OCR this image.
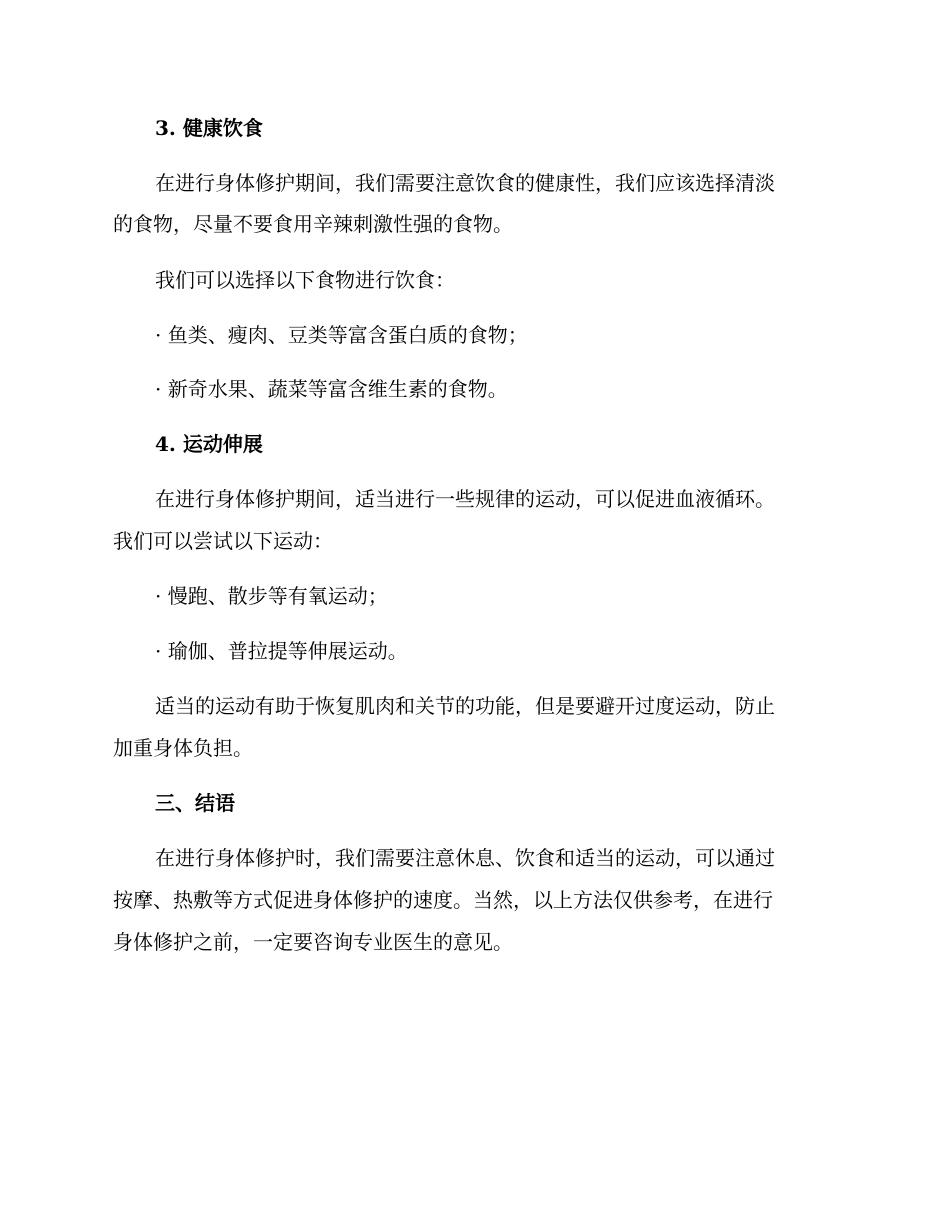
3. 健康饮食
在进行身体修护期间，我们需要注意饮食的健康性，我们应该选择清淡
的食物，尽量不要食用辛辣刺激性强的食物。
我们可以选择以下食物进行饮食：
· 鱼类、瘦肉、豆类等富含蛋白质的食物；
· 新奇水果、蔬菜等富含维生素的食物。
4. 运动伸展
在进行身体修护期间，适当进行一些规律的运动，可以促进血液循环。
我们可以尝试以下运动：
· 慢跑、散步等有氧运动；
· 瑜伽、普拉提等伸展运动。
适当的运动有助于恢复肌肉和关节的功能，但是要避开过度运动，防止
加重身体负担。
三、结语
在进行身体修护时，我们需要注意休息、饮食和适当的运动，可以通过
按摩、热敷等方式促进身体修护的速度。当然，以上方法仅供参考，在进行
身体修护之前，一定要咨询专业医生的意见。
